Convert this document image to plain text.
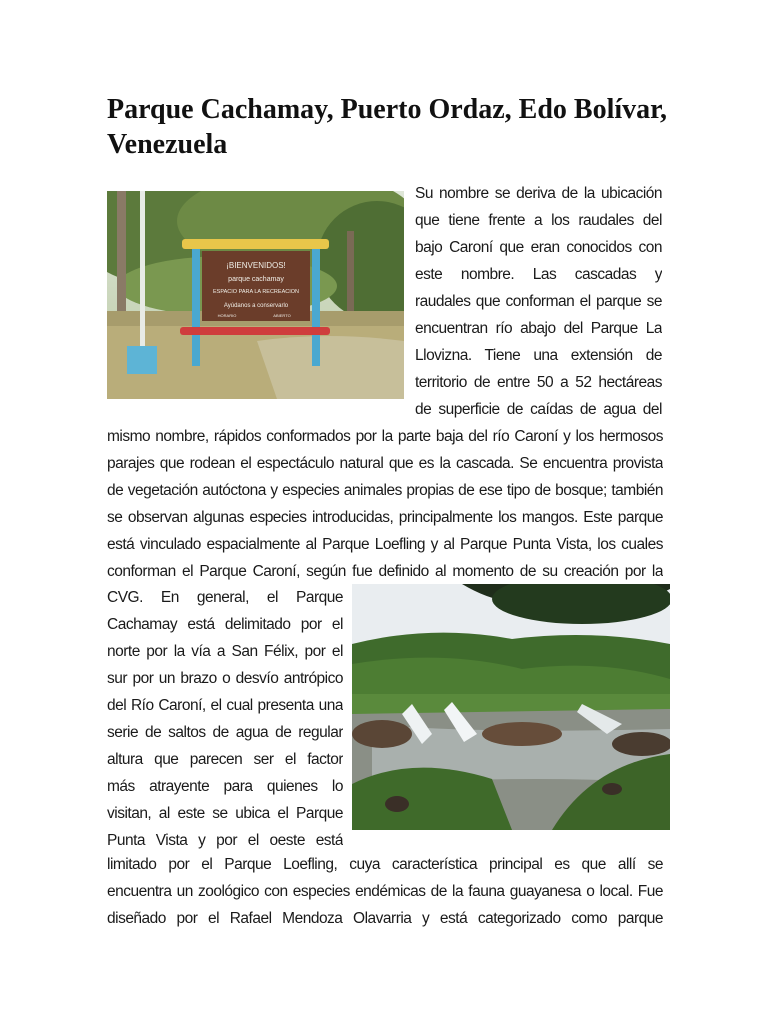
Parque Cachamay, Puerto Ordaz, Edo Bolívar, Venezuela
¡BIENVENIDOS!
parque cachamay
ESPACIO PARA LA RECREACION
Ayúdanos a conservarlo
HORARIO	ABIERTO
Su nombre se deriva de la ubicación
que tiene frente a los raudales del
bajo Caroní que eran conocidos con
este nombre. Las cascadas y
raudales que conforman el parque se
encuentran río abajo del Parque La
Llovizna. Tiene una extensión de
territorio de entre 50 a 52 hectáreas
de superficie de caídas de agua del
mismo nombre, rápidos conformados por la parte baja del río Caroní y los hermosos
parajes que rodean el espectáculo natural que es la cascada. Se encuentra provista
de vegetación autóctona y especies animales propias de ese tipo de bosque; también
se observan algunas especies introducidas, principalmente los mangos. Este parque
está vinculado espacialmente al Parque Loefling y al Parque Punta Vista, los cuales
conforman el Parque Caroní, según fue definido al momento de su creación por la
CVG. En general, el Parque
Cachamay está delimitado por el
norte por la vía a San Félix, por el
sur por un brazo o desvío antrópico
del Río Caroní, el cual presenta una
serie de saltos de agua de regular
altura que parecen ser el factor
más atrayente para quienes lo
visitan, al este se ubica el Parque
Punta Vista y por el oeste está
limitado por el Parque Loefling, cuya característica principal es que allí se
encuentra un zoológico con especies endémicas de la fauna guayanesa o local. Fue
diseñado por el Rafael Mendoza Olavarria y está categorizado como parque
